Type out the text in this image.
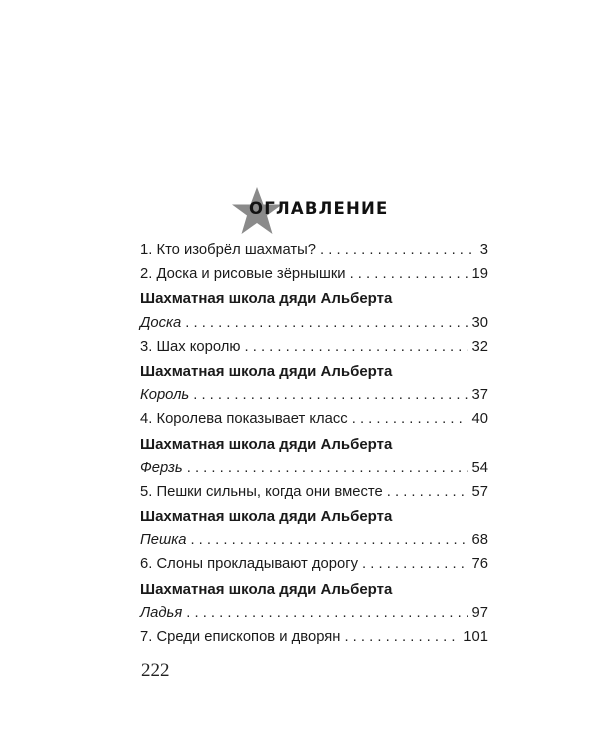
ОГЛАВЛЕНИЕ
1. Кто изобрёл шахматы? . . .	3
2. Доска и рисовые зёрнышки . . .	19
Шахматная школа дяди Альберта
Доска . . .	30
3. Шах королю . . .	32
Шахматная школа дяди Альберта
Король . . .	37
4. Королева показывает класс . . .	40
Шахматная школа дяди Альберта
Ферзь . . .	54
5. Пешки сильны, когда они вместе . . .	57
Шахматная школа дяди Альберта
Пешка . . .	68
6. Слоны прокладывают дорогу . . .	76
Шахматная школа дяди Альберта
Ладья . . .	97
7. Среди епископов и дворян . . .	101
222
